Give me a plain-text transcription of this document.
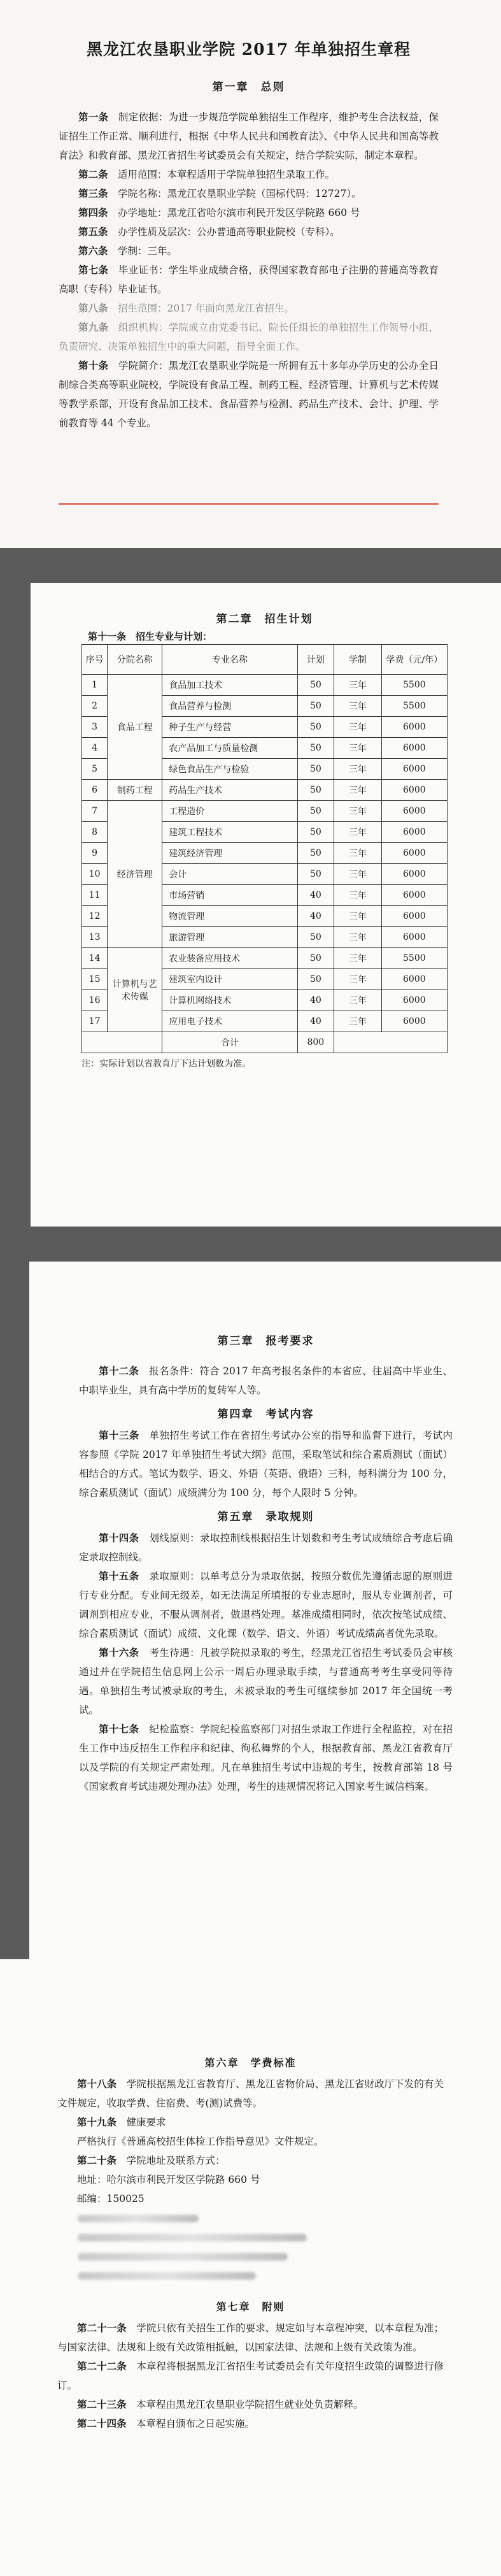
黑龙江农垦职业学院 2017 年单独招生章程
第一章　总则

第一条　 制定依据：为进一步规范学院单独招生工作程序，维护考生合法权益，保证招生工作正常、顺利进行，根据《中华人民共和国教育法》、《中华人民共和国高等教育法》和教育部、黑龙江省招生考试委员会有关规定，结合学院实际，制定本章程。

第二条　 适用范围：本章程适用于学院单独招生录取工作。

第三条　 学院名称：黑龙江农垦职业学院（国标代码：12727）。

第四条　 办学地址：黑龙江省哈尔滨市利民开发区学院路 660 号

第五条　 办学性质及层次：公办普通高等职业院校（专科）。

第六条　 学制：三年。

第七条　 毕业证书：学生毕业成绩合格，获得国家教育部电子注册的普通高等教育高职（专科）毕业证书。

第八条　 招生范围：2017 年面向黑龙江省招生。

第九条　 组织机构：学院成立由党委书记、院长任组长的单独招生工作领导小组，负责研究、决策单独招生中的重大问题，指导全面工作。

第十条　 学院简介：黑龙江农垦职业学院是一所拥有五十多年办学历史的公办全日制综合类高等职业院校，学院设有食品工程、制药工程、经济管理、计算机与艺术传媒等教学系部，开设有食品加工技术、食品营养与检测、药品生产技术、会计、护理、学前教育等 44 个专业。

第二章　招生计划
第十一条　招生专业与计划：
序号	分院名称	专业名称	计划	学制	学费（元/年）
1	食品工程	食品加工技术	50	三年	5500
2		食品营养与检测	50	三年	5500
3		种子生产与经营	50	三年	6000
4		农产品加工与质量检测	50	三年	6000
5		绿色食品生产与检验	50	三年	6000
6	制药工程	药品生产技术	50	三年	6000
7	经济管理	工程造价	50	三年	6000
8		建筑工程技术	50	三年	6000
9		建筑经济管理	50	三年	6000
10		会计	50	三年	6000
11		市场营销	40	三年	6000
12		物流管理	40	三年	6000
13		旅游管理	50	三年	6000
14	计算机与艺术传媒	农业装备应用技术	50	三年	5500
15		建筑室内设计	50	三年	6000
16		计算机网络技术	40	三年	6000
17		应用电子技术	40	三年	6000
		合计	800		
注：实际计划以省教育厅下达计划数为准。
第三章　报考要求

第十二条　 报名条件：符合 2017 年高考报名条件的本省应、往届高中毕业生、中职毕业生，具有高中学历的复转军人等。

第四章　考试内容

第十三条　 单独招生考试工作在省招生考试办公室的指导和监督下进行，考试内容参照《学院 2017 年单独招生考试大纲》范围，采取笔试和综合素质测试（面试）相结合的方式。笔试为数学、语文、外语（英语、俄语）三科，每科满分为 100 分，综合素质测试（面试）成绩满分为 100 分，每个人限时 5 分钟。

第五章　录取规则

第十四条　 划线原则：录取控制线根据招生计划数和考生考试成绩综合考虑后确定录取控制线。

第十五条　 录取原则：以单考总分为录取依据，按照分数优先遵循志愿的原则进行专业分配。专业间无级差，如无法满足所填报的专业志愿时，服从专业调剂者，可调剂到相应专业，不服从调剂者，做退档处理。基准成绩相同时，依次按笔试成绩、综合素质测试（面试）成绩、文化课（数学、语文、外语）考试成绩高者优先录取。

第十六条　 考生待遇：凡被学院拟录取的考生，经黑龙江省招生考试委员会审核通过并在学院招生信息网上公示一周后办理录取手续，与普通高考考生享受同等待遇。单独招生考试被录取的考生，未被录取的考生可继续参加 2017 年全国统一考试。

第十七条　 纪检监察：学院纪检监察部门对招生录取工作进行全程监控，对在招生工作中违反招生工作程序和纪律、徇私舞弊的个人，根据教育部、黑龙江省教育厅以及学院的有关规定严肃处理。凡在单独招生考试中违规的考生，按教育部第 18 号《国家教育考试违规处理办法》处理，考生的违规情况将记入国家考生诚信档案。

第六章　学费标准

第十八条　 学院根据黑龙江省教育厅、黑龙江省物价局、黑龙江省财政厅下发的有关文件规定，收取学费、住宿费、考(测)试费等。

第十九条　 健康要求

严格执行《普通高校招生体检工作指导意见》文件规定。

第二十条　 学院地址及联系方式：

地址：哈尔滨市利民开发区学院路 660 号

邮编：150025

第七章　附则

第二十一条　 学院只依有关招生工作的要求、规定如与本章程冲突，以本章程为准；与国家法律、法规和上级有关政策相抵触，以国家法律、法规和上级有关政策为准。

第二十二条　 本章程将根据黑龙江省招生考试委员会有关年度招生政策的调整进行修订。

第二十三条　 本章程由黑龙江农垦职业学院招生就业处负责解释。

第二十四条　 本章程自颁布之日起实施。
